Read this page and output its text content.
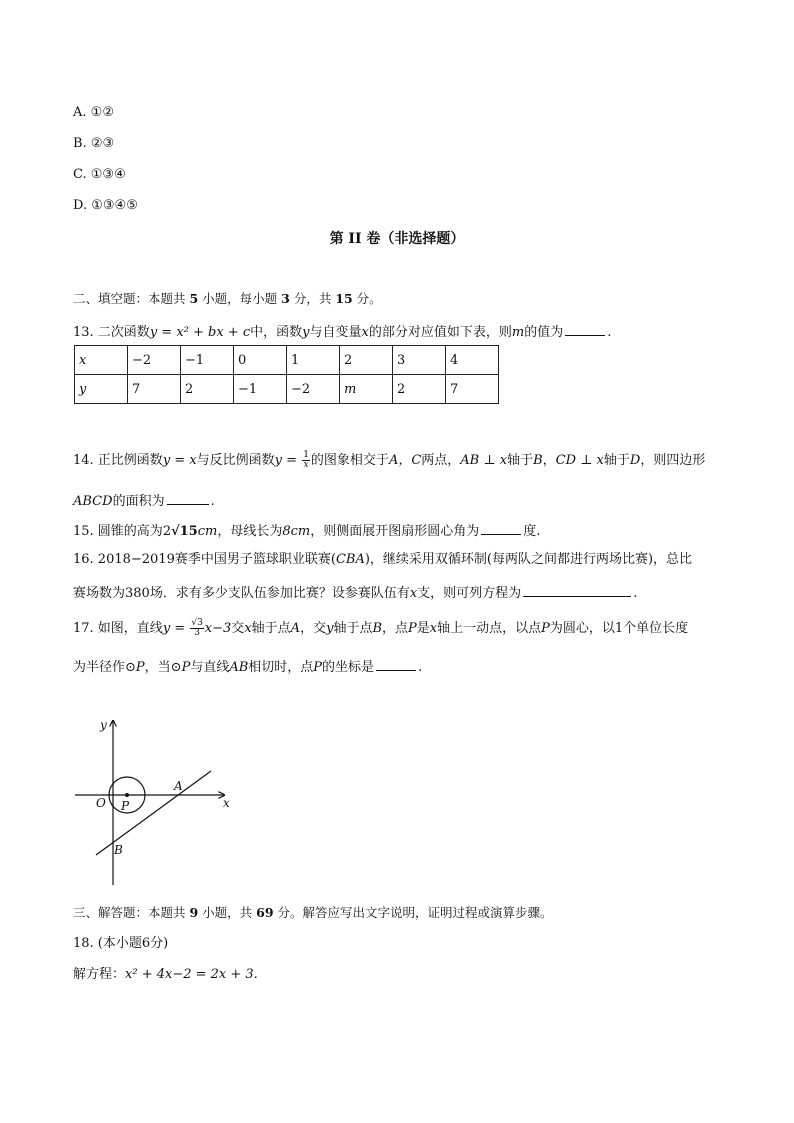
A. ①②
B. ②③
C. ①③④
D. ①③④⑤
第 II 卷（非选择题）
二、填空题：本题共 5 小题，每小题 3 分，共 15 分。
13. 二次函数y = x² + bx + c中，函数y与自变量x的部分对应值如下表，则m的值为	.
x	−2	−1	0	1	2	3	4
y	7	2	−1	−2	m	2	7
14. 正比例函数y = x与反比例函数$y = \frac{1}{x}$ 的图象相交于A，C两点，AB ⊥ x轴于B，CD ⊥ x轴于D，则四边形
ABCD的面积为	.
15. 圆锥的高为2√15cm，母线长为8cm，则侧面展开图扇形圆心角为	度.
16. 2018−2019赛季中国男子篮球职业联赛(CBA)，继续采用双循环制(每两队之间都进行两场比赛)，总比
赛场数为380场．求有多少支队伍参加比赛？设参赛队伍有x支，则可列方程为	.
17. 如图，直线$y = \frac{√3}{3} x-3$交x轴于点A，交y轴于点B，点P是x轴上一动点，以点P为圆心，以1个单位长度
为半径作⊙P，当⊙P与直线AB相切时，点P的坐标是	.
y
x
O P
A
B
三、解答题：本题共 9 小题，共 69 分。解答应写出文字说明，证明过程或演算步骤。
18. (本小题6分)
解方程：x² + 4x−2 = 2x + 3.
